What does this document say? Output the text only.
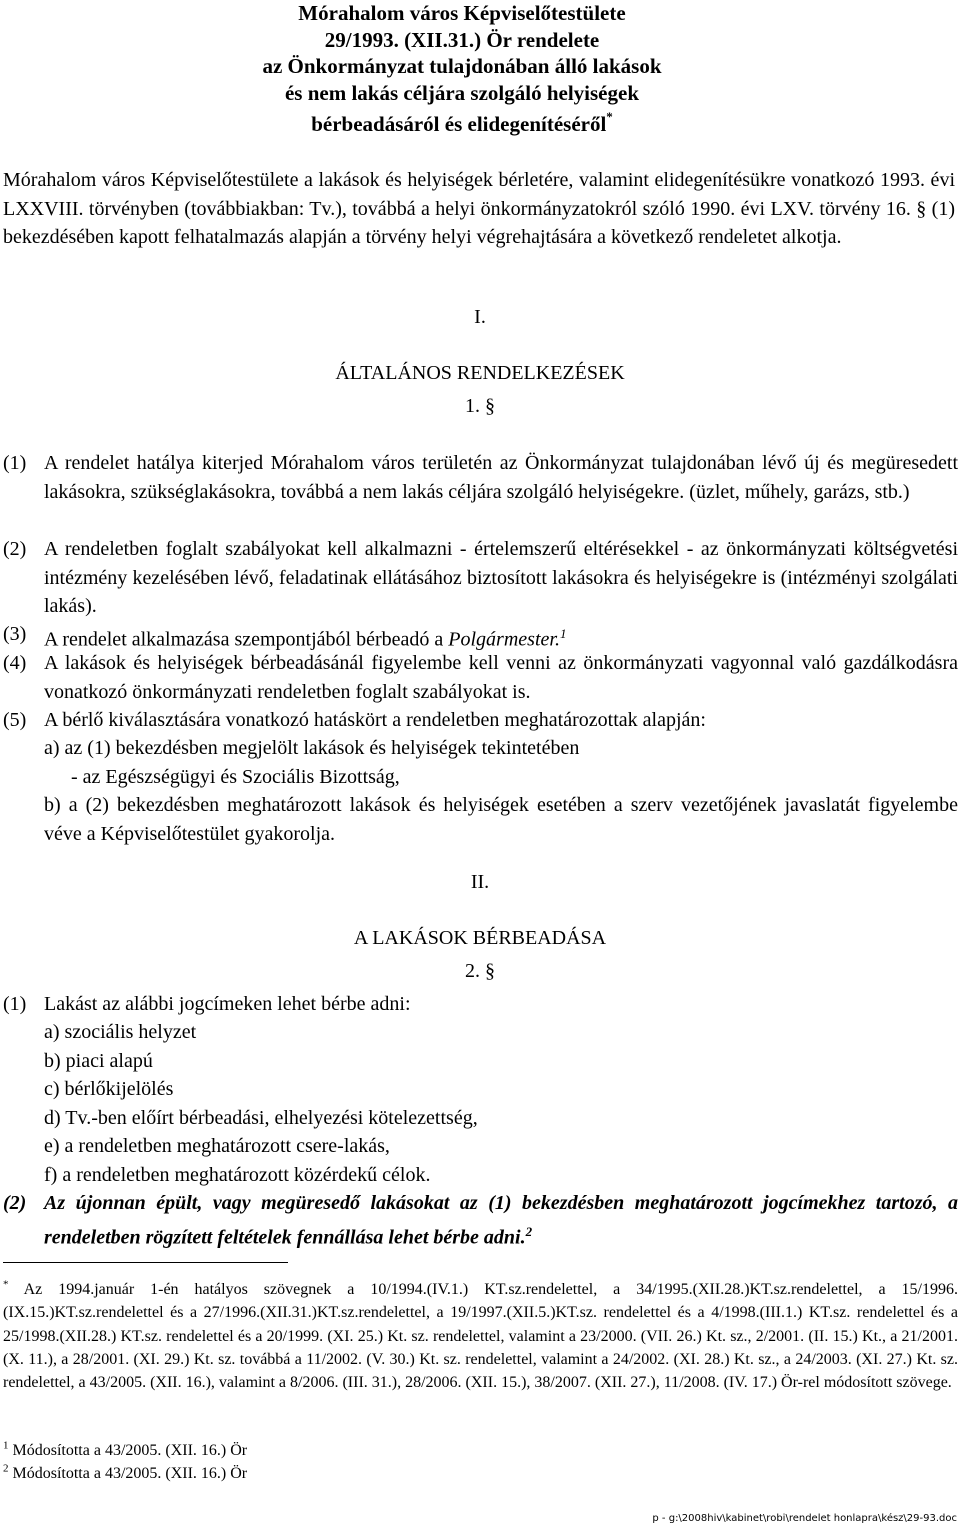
Mórahalom város Képviselőtestülete
29/1993. (XII.31.) Ör rendelete
az Önkormányzat tulajdonában álló lakások
és nem lakás céljára szolgáló helyiségek
bérbeadásáról és elidegenítéséről*
Mórahalom város Képviselőtestülete a lakások és helyiségek bérletére, valamint elidegenítésükre vonatkozó 1993. évi LXXVIII. törvényben (továbbiakban: Tv.), továbbá a helyi önkormányzatokról szóló 1990. évi LXV. törvény 16. § (1) bekezdésében kapott felhatalmazás alapján a törvény helyi végrehajtására a következő rendeletet alkotja.
I.
ÁLTALÁNOS RENDELKEZÉSEK
1. §
(1) A rendelet hatálya kiterjed Mórahalom város területén az Önkormányzat tulajdonában lévő új és megüresedett lakásokra, szükséglakásokra, továbbá a nem lakás céljára szolgáló helyiségekre. (üzlet, műhely, garázs, stb.)
(2) A rendeletben foglalt szabályokat kell alkalmazni - értelemszerű eltérésekkel - az önkormányzati költségvetési intézmény kezelésében lévő, feladatinak ellátásához biztosított lakásokra és helyiségekre is (intézményi szolgálati lakás).
(3) A rendelet alkalmazása szempontjából bérbeadó a Polgármester.$^1$
(4) A lakások és helyiségek bérbeadásánál figyelembe kell venni az önkormányzati vagyonnal való gazdálkodásra vonatkozó önkormányzati rendeletben foglalt szabályokat is.
(5) A bérlő kiválasztására vonatkozó hatáskört a rendeletben meghatározottak alapján:
a) az (1) bekezdésben megjelölt lakások és helyiségek tekintetében
- az Egészségügyi és Szociális Bizottság,
b) a (2) bekezdésben meghatározott lakások és helyiségek esetében a szerv vezetőjének javaslatát figyelembe véve a Képviselőtestület gyakorolja.
II.
A LAKÁSOK BÉRBEADÁSA
2. §
(1) Lakást az alábbi jogcímeken lehet bérbe adni:
a) szociális helyzet
b) piaci alapú
c) bérlőkijelölés
d) Tv.-ben előírt bérbeadási, elhelyezési kötelezettség,
e) a rendeletben meghatározott csere-lakás,
f) a rendeletben meghatározott közérdekű célok.
(2) Az újonnan épült, vagy megüresedő lakásokat az (1) bekezdésben meghatározott jogcímekhez tartozó, a rendeletben rögzített feltételek fennállása lehet bérbe adni.$^2$
* Az 1994.január 1-én hatályos szövegnek a 10/1994.(IV.1.) KT.sz.rendelettel, a 34/1995.(XII.28.)KT.sz.rendelettel, a 15/1996.(IX.15.)KT.sz.rendelettel és a 27/1996.(XII.31.)KT.sz.rendelettel, a 19/1997.(XII.5.)KT.sz. rendelettel és a 4/1998.(III.1.) KT.sz. rendelettel és a 25/1998.(XII.28.) KT.sz. rendelettel és a 20/1999. (XI. 25.) Kt. sz. rendelettel, valamint a 23/2000. (VII. 26.) Kt. sz., 2/2001. (II. 15.) Kt., a 21/2001. (X. 11.), a 28/2001. (XI. 29.) Kt. sz. továbbá a 11/2002. (V. 30.) Kt. sz. rendelettel, valamint a 24/2002. (XI. 28.) Kt. sz., a 24/2003. (XI. 27.) Kt. sz. rendelettel, a 43/2005. (XII. 16.), valamint a 8/2006. (III. 31.), 28/2006. (XII. 15.), 38/2007. (XII. 27.), 11/2008. (IV. 17.) Ör-rel módosított szövege.
$^1$ Módosította a 43/2005. (XII. 16.) Ör
$^2$ Módosította a 43/2005. (XII. 16.) Ör
p - g:\2008hiv\kabinet\robi\rendelet honlapra\kész\29-93.doc
